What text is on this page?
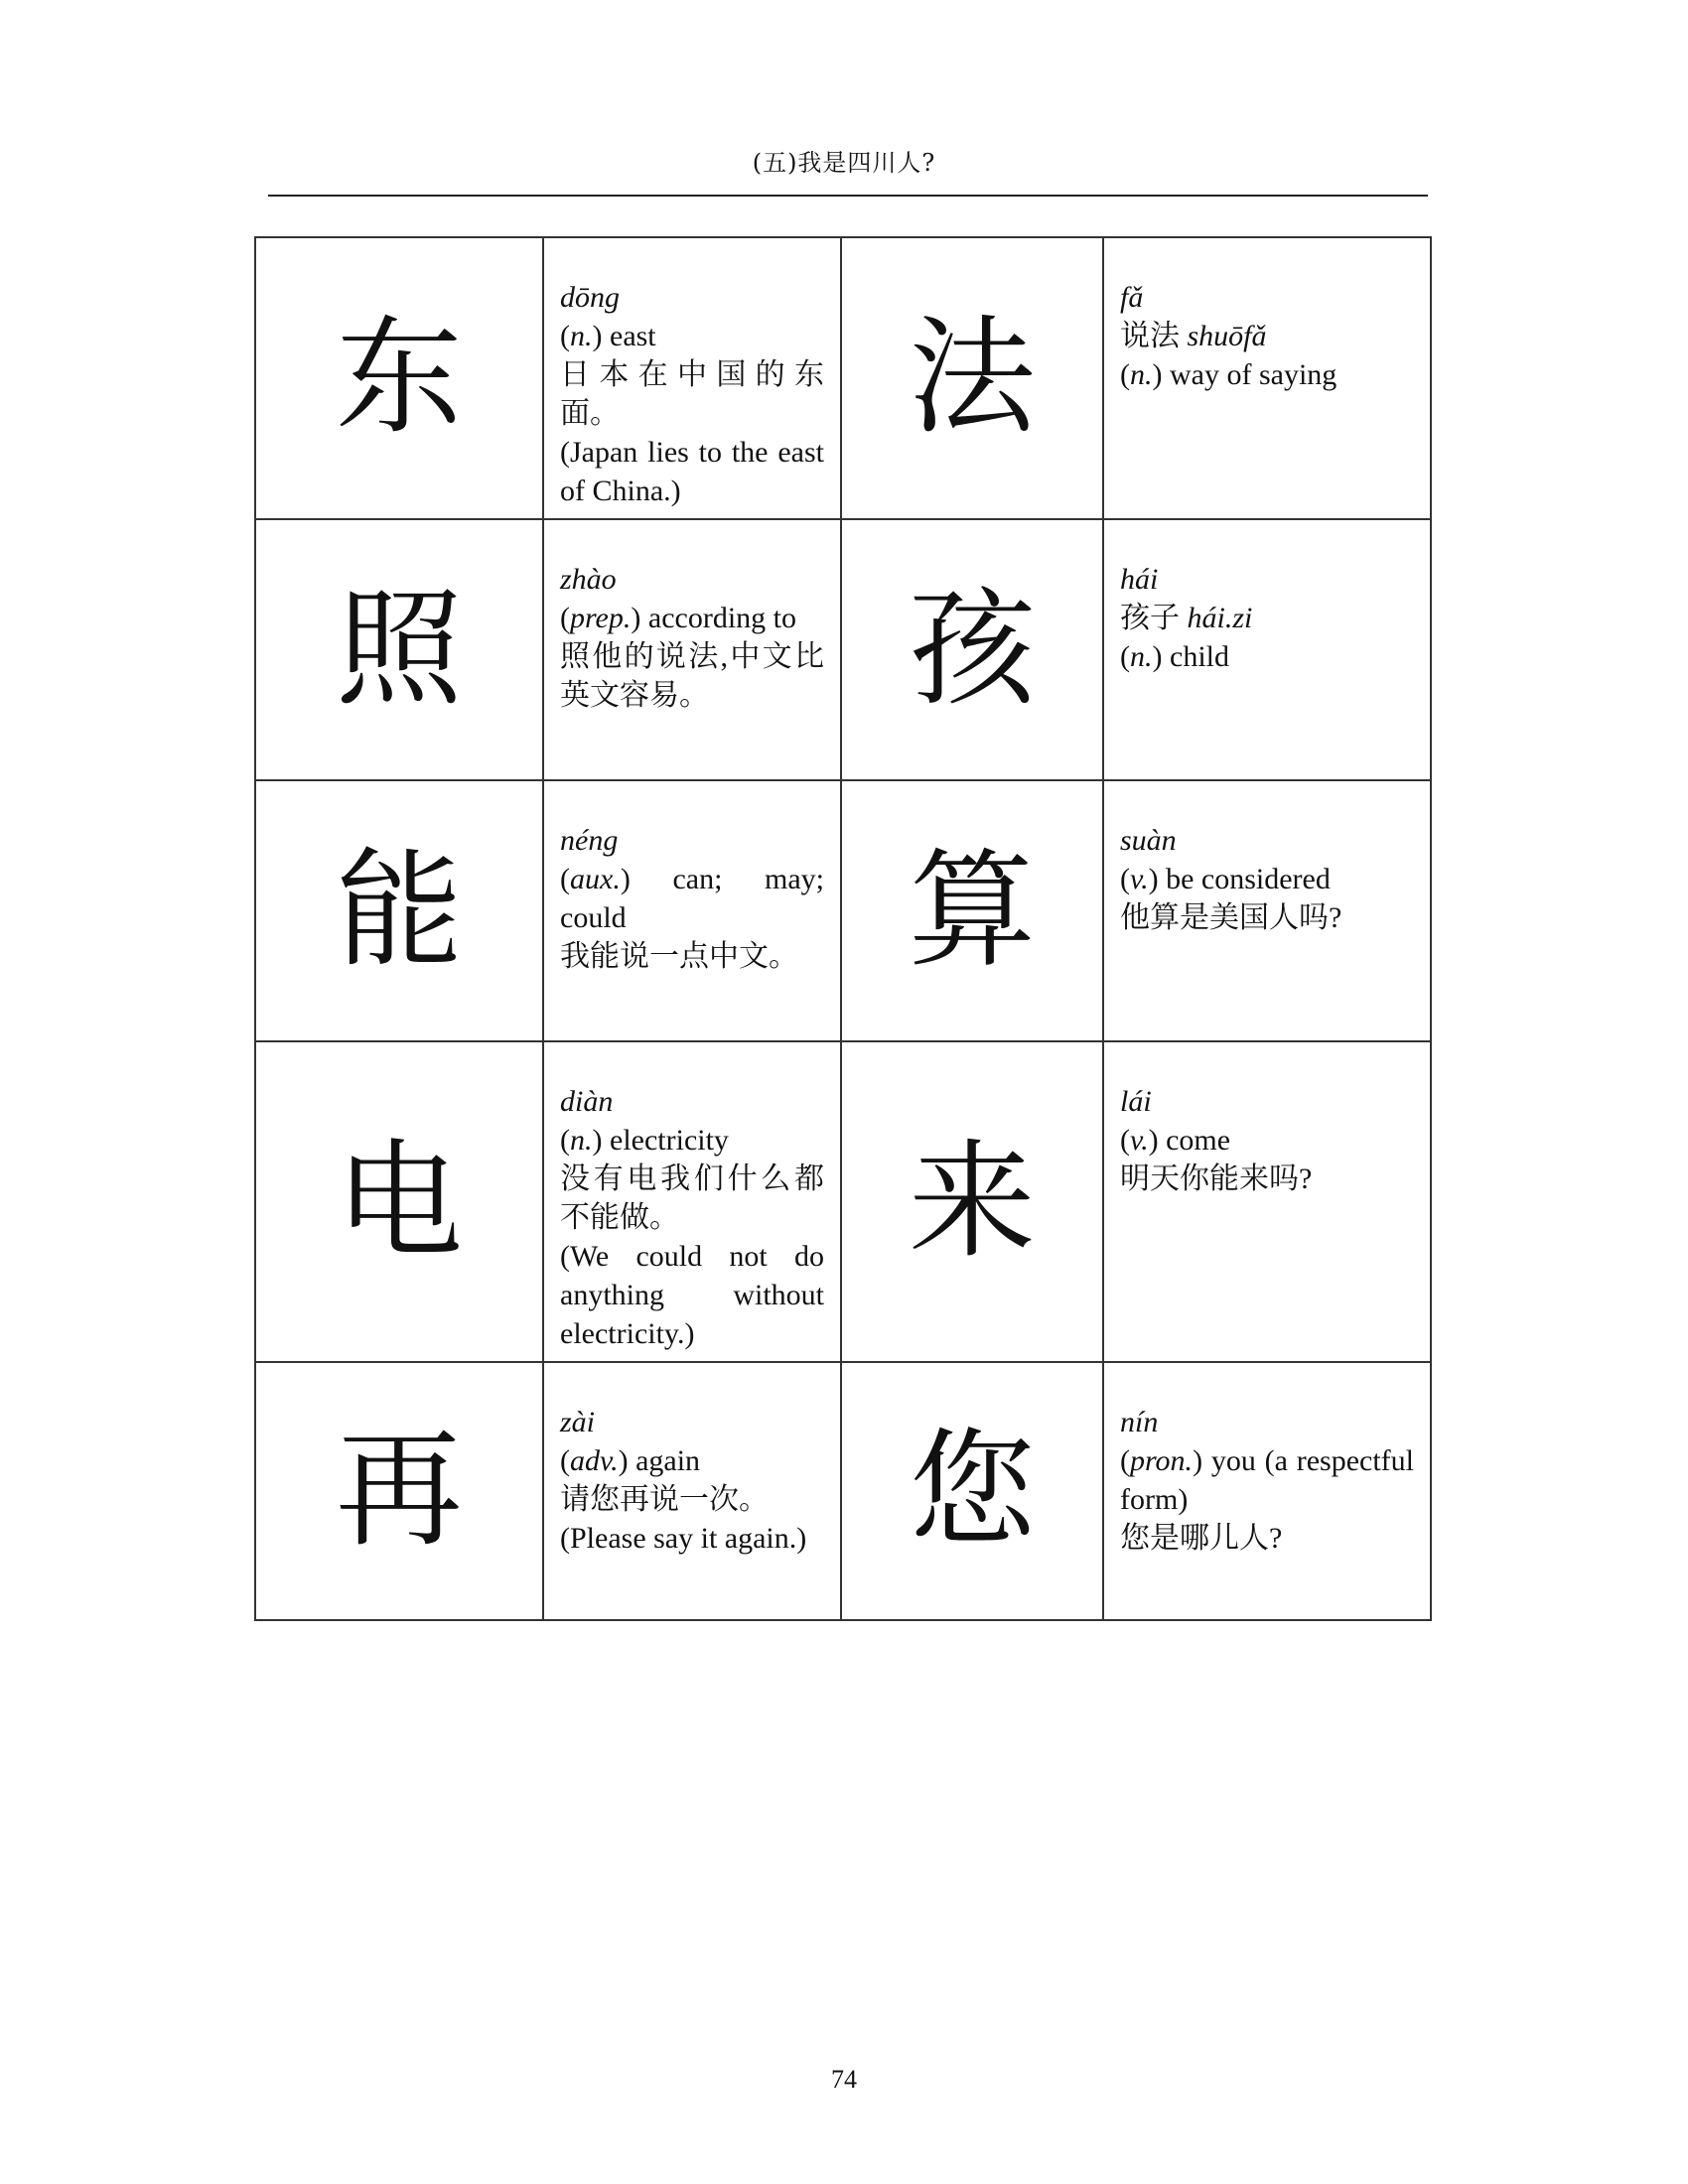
(五)我是四川人?
东	dōng
(n.) east
日本在中国的东面。
(Japan lies to the east of China.)	法	fǎ
说法 shuōfǎ
(n.) way of saying

照	zhào
(prep.) according to
照他的说法,中文比英文容易。	孩	hái
孩子 hái.zi
(n.) child

能	néng
(aux.) can; may; could
我能说一点中文。	算	suàn
(v.) be considered
他算是美国人吗?

电	diàn
(n.) electricity
没有电我们什么都不能做。
(We could not do anything without electricity.)	来	lái
(v.) come
明天你能来吗?

再	zài
(adv.) again
请您再说一次。
(Please say it again.)	您	nín
(pron.) you (a respectful form)
您是哪儿人?
74
